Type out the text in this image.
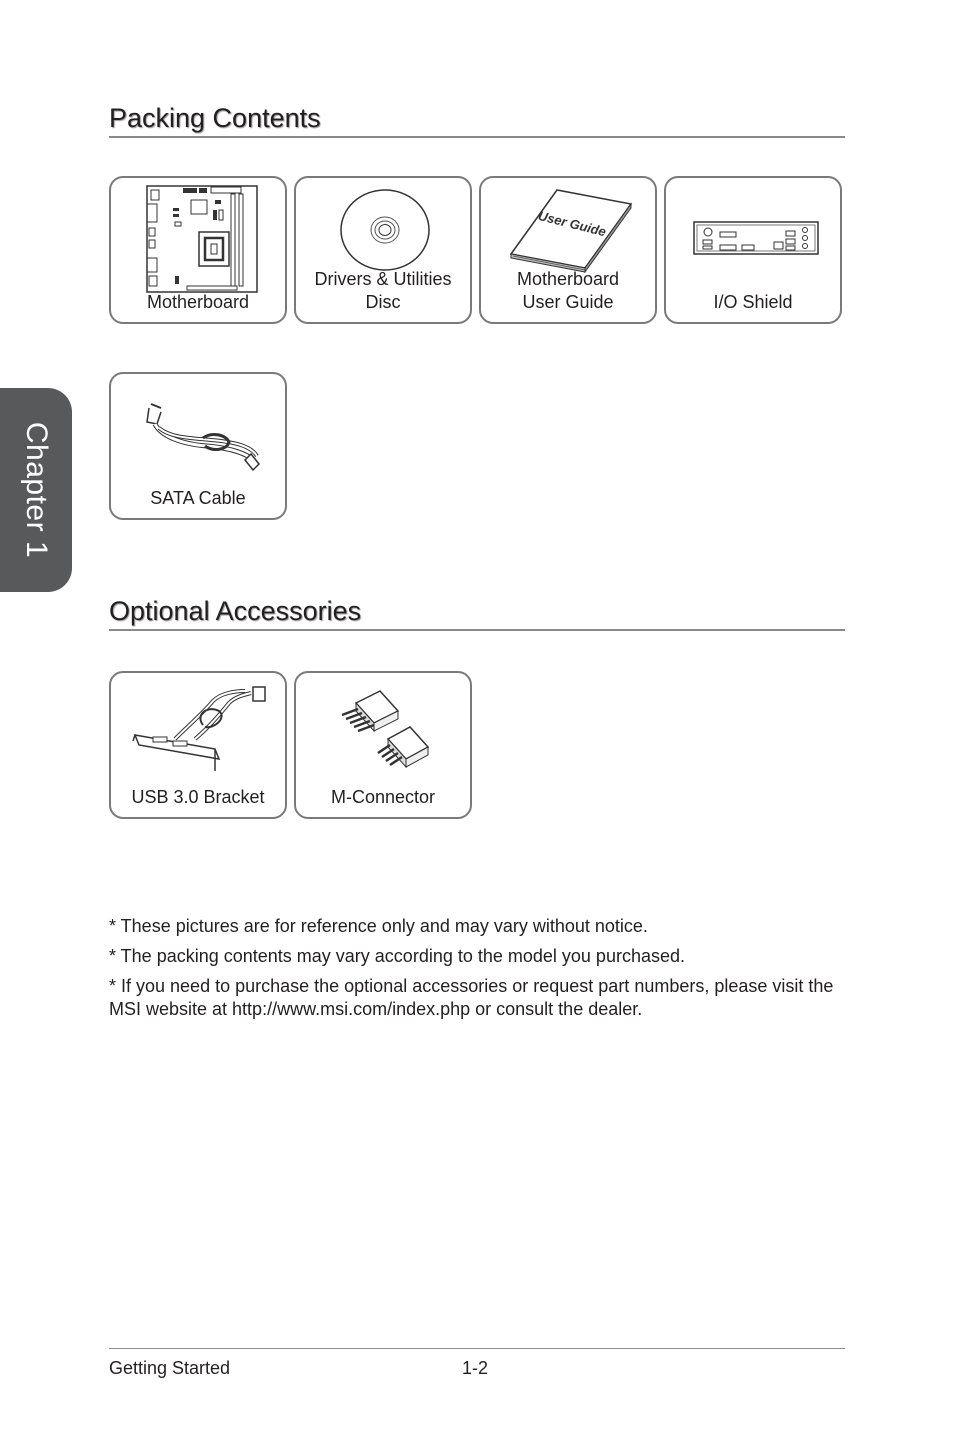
Chapter 1
Packing Contents
Motherboard
Drivers & Utilities
Disc
User Guide
Motherboard
User Guide	I/O Shield
SATA Cable
Optional Accessories
USB 3.0 Bracket	M-Connector

* These pictures are for reference only and may vary without notice.

* The packing contents may vary according to the model you purchased.

* If you need to purchase the optional accessories or request part numbers, please visit the MSI website at http://www.msi.com/index.php or consult the dealer.

Getting Started	1-2
